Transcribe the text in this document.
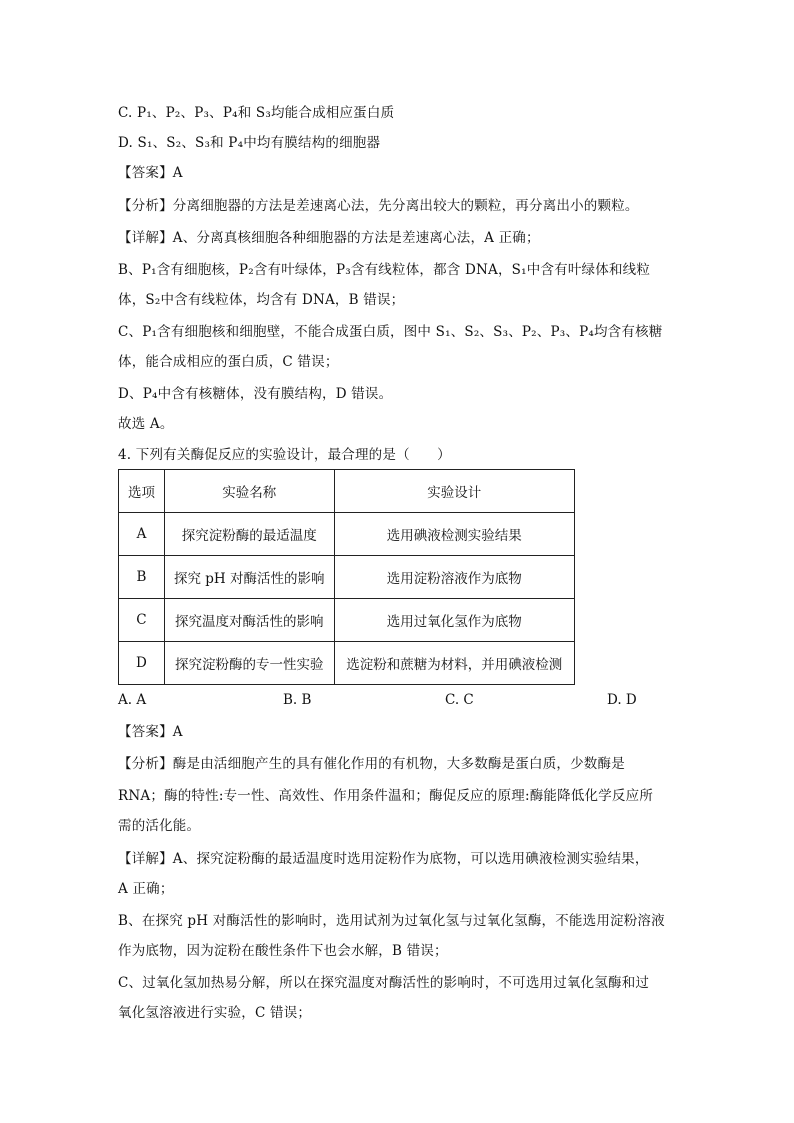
C. P₁、P₂、P₃、P₄和 S₃均能合成相应蛋白质
D. S₁、S₂、S₃和 P₄中均有膜结构的细胞器
【答案】A
【分析】分离细胞器的方法是差速离心法，先分离出较大的颗粒，再分离出小的颗粒。
【详解】A、分离真核细胞各种细胞器的方法是差速离心法，A 正确；
B、P₁含有细胞核，P₂含有叶绿体，P₃含有线粒体，都含 DNA，S₁中含有叶绿体和线粒
体，S₂中含有线粒体，均含有 DNA，B 错误；
C、P₁含有细胞核和细胞壁，不能合成蛋白质，图中 S₁、S₂、S₃、P₂、P₃、P₄均含有核糖
体，能合成相应的蛋白质，C 错误；
D、P₄中含有核糖体，没有膜结构，D 错误。
故选 A。
4. 下列有关酶促反应的实验设计，最合理的是（　　）
选项	实验名称	实验设计
A	探究淀粉酶的最适温度	选用碘液检测实验结果
B	探究 pH 对酶活性的影响	选用淀粉溶液作为底物
C	探究温度对酶活性的影响	选用过氧化氢作为底物
D	探究淀粉酶的专一性实验	选淀粉和蔗糖为材料，并用碘液检测
A. A	B. B	C. C	D. D
【答案】A
【分析】酶是由活细胞产生的具有催化作用的有机物，大多数酶是蛋白质，少数酶是
RNA；酶的特性:专一性、高效性、作用条件温和；酶促反应的原理:酶能降低化学反应所
需的活化能。
【详解】A、探究淀粉酶的最适温度时选用淀粉作为底物，可以选用碘液检测实验结果，
A 正确；
B、在探究 pH 对酶活性的影响时，选用试剂为过氧化氢与过氧化氢酶，不能选用淀粉溶液
作为底物，因为淀粉在酸性条件下也会水解，B 错误；
C、过氧化氢加热易分解，所以在探究温度对酶活性的影响时，不可选用过氧化氢酶和过
氧化氢溶液进行实验，C 错误；
